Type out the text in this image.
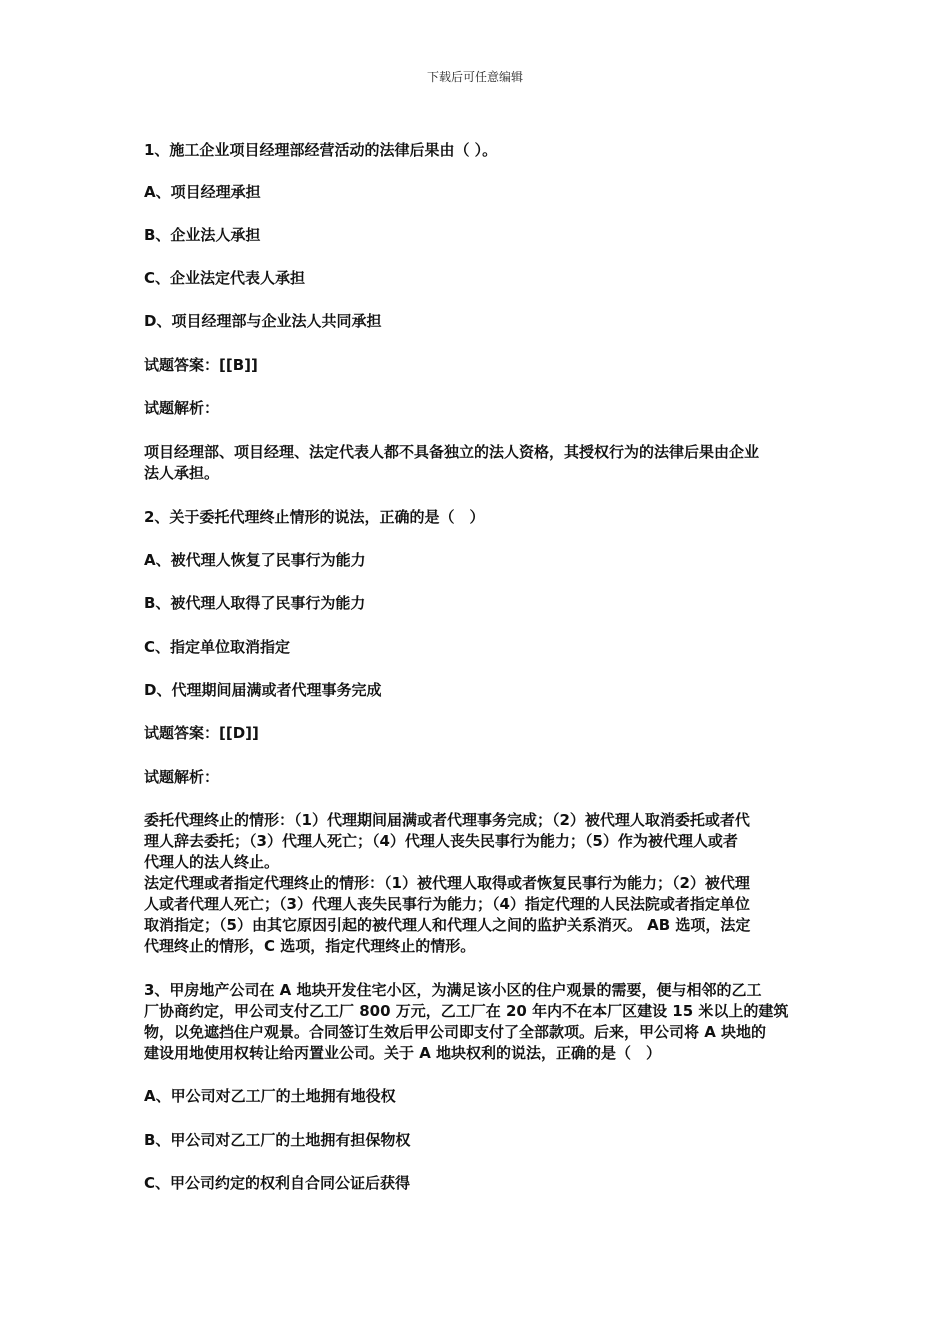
下载后可任意编辑

1、施工企业项目经理部经营活动的法律后果由（ ）。

A、项目经理承担

B、企业法人承担

C、企业法定代表人承担

D、项目经理部与企业法人共同承担

试题答案：[[B]]

试题解析：

项目经理部、项目经理、法定代表人都不具备独立的法人资格，其授权行为的法律后果由企业

法人承担。

2、关于委托代理终止情形的说法，正确的是（　）

A、被代理人恢复了民事行为能力

B、被代理人取得了民事行为能力

C、指定单位取消指定

D、代理期间届满或者代理事务完成

试题答案：[[D]]

试题解析：

委托代理终止的情形：（1）代理期间届满或者代理事务完成；（2）被代理人取消委托或者代

理人辞去委托；（3）代理人死亡；（4）代理人丧失民事行为能力；（5）作为被代理人或者

代理人的法人终止。

法定代理或者指定代理终止的情形：（1）被代理人取得或者恢复民事行为能力；（2）被代理

人或者代理人死亡；（3）代理人丧失民事行为能力；（4）指定代理的人民法院或者指定单位

取消指定；（5）由其它原因引起的被代理人和代理人之间的监护关系消灭。 AB 选项，法定

代理终止的情形，C 选项，指定代理终止的情形。

3、甲房地产公司在 A 地块开发住宅小区，为满足该小区的住户观景的需要，便与相邻的乙工

厂协商约定，甲公司支付乙工厂 800 万元，乙工厂在 20 年内不在本厂区建设 15 米以上的建筑

物，以免遮挡住户观景。合同签订生效后甲公司即支付了全部款项。后来，甲公司将 A 块地的

建设用地使用权转让给丙置业公司。关于 A 地块权利的说法，正确的是（　）

A、甲公司对乙工厂的土地拥有地役权

B、甲公司对乙工厂的土地拥有担保物权

C、甲公司约定的权利自合同公证后获得
